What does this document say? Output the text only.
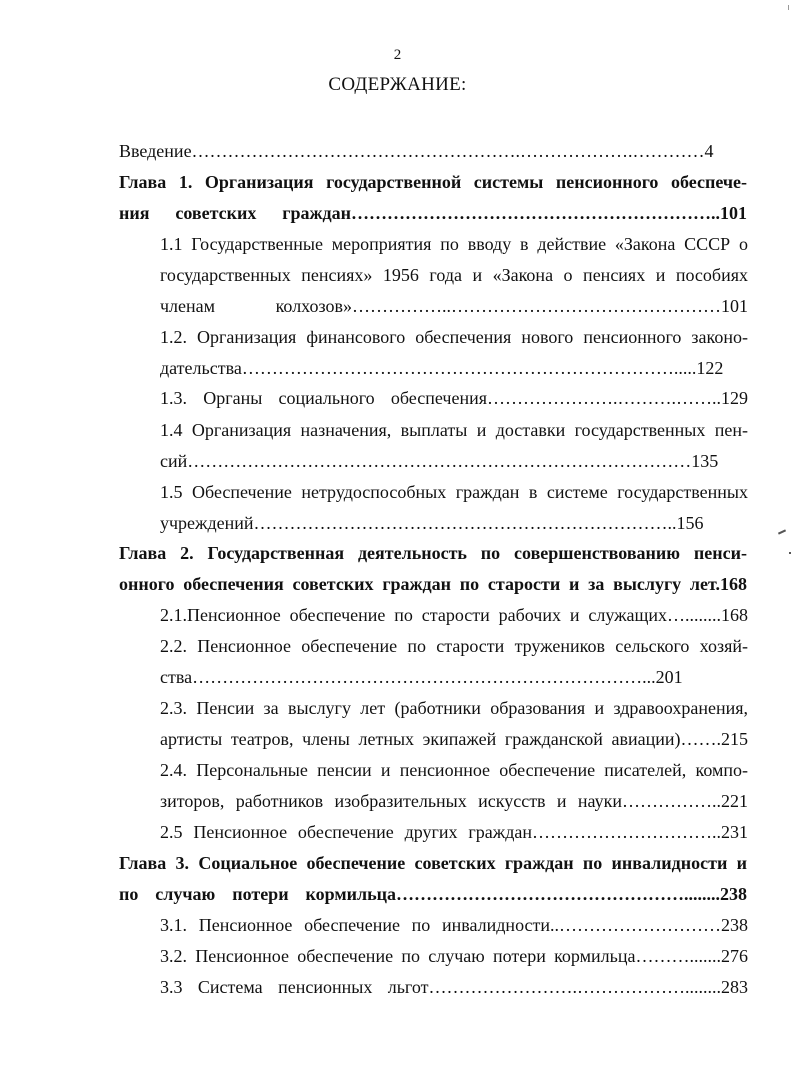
2
СОДЕРЖАНИЕ:
Введение……………………………………………….……………….…………4
Глава 1. Организация государственной системы пенсионного обеспече-
ния советских граждан……………………………………………………..101
1.1 Государственные мероприятия по вводу в действие «Закона СССР о
государственных пенсиях» 1956 года и «Закона о пенсиях и пособиях
членам колхозов»……………..………………………………………101
1.2. Организация финансового обеспечения нового пенсионного законо-
дательства……………………………………………………………….....122
1.3. Органы социального обеспечения………………….……….……..129
1.4 Организация назначения, выплаты и доставки государственных пен-
сий…………………………………………………………………………135
1.5 Обеспечение нетрудоспособных граждан в системе государственных
учреждений……………………………………………………………..156
Глава 2. Государственная деятельность по совершенствованию пенси-
онного обеспечения советских граждан по старости и за выслугу лет.168
2.1.Пенсионное обеспечение по старости рабочих и служащих…........168
2.2. Пенсионное обеспечение по старости тружеников сельского хозяй-
ства…………………………………………………………………...201
2.3. Пенсии за выслугу лет (работники образования и здравоохранения,
артисты театров, члены летных экипажей гражданской авиации)…….215
2.4. Персональные пенсии и пенсионное обеспечение писателей, компо-
зиторов, работников изобразительных искусств и науки……………..221
2.5 Пенсионное обеспечение других граждан…………………………..231
Глава 3. Социальное обеспечение советских граждан по инвалидности и
по случаю потери кормильца…………………………………………........238
3.1. Пенсионное обеспечение по инвалидности..………………………238
3.2. Пенсионное обеспечение по случаю потери кормильца……….......276
3.3 Система пенсионных льгот…………………….………………........283
